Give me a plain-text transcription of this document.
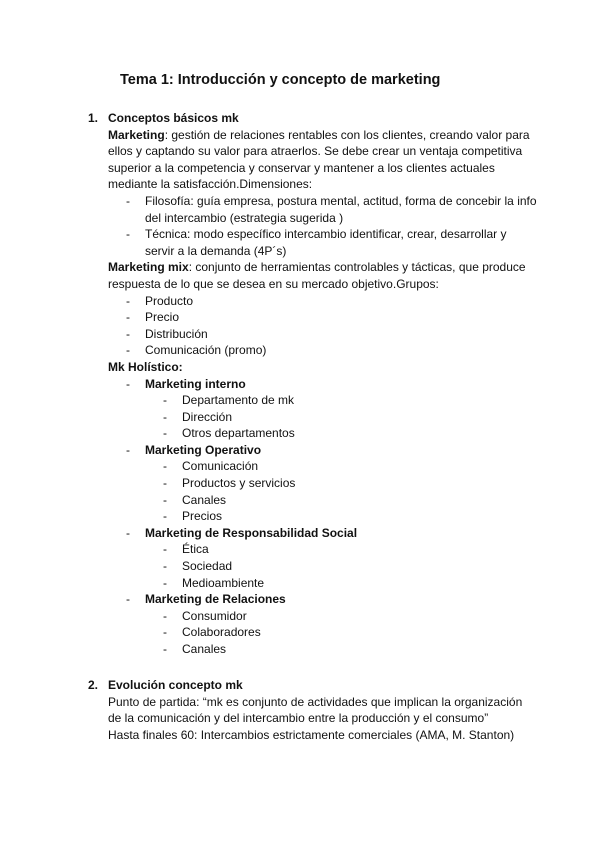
Tema 1: Introducción y concepto de marketing
1. Conceptos básicos mk

Marketing: gestión de relaciones rentables con los clientes, creando valor para ellos y captando su valor para atraerlos. Se debe crear un ventaja competitiva superior a la competencia y conservar y mantener a los clientes actuales mediante la satisfacción.Dimensiones:

- Filosofía: guía empresa, postura mental, actitud, forma de concebir la info del intercambio (estrategia sugerida )
- Técnica: modo específico intercambio identificar, crear, desarrollar y servir a la demanda (4P´s)

Marketing mix: conjunto de herramientas controlables y tácticas, que produce respuesta de lo que se desea en su mercado objetivo.Grupos:

- Producto
- Precio
- Distribución
- Comunicación (promo)

Mk Holístico:

- Marketing interno
- Departamento de mk
- Dirección
- Otros departamentos
- Marketing Operativo
- Comunicación
- Productos y servicios
- Canales
- Precios
- Marketing de Responsabilidad Social
- Ética
- Sociedad
- Medioambiente
- Marketing de Relaciones
- Consumidor
- Colaboradores
- Canales
2. Evolución concepto mk

Punto de partida: “mk es conjunto de actividades que implican la organización de la comunicación y del intercambio entre la producción y el consumo”

Hasta finales 60: Intercambios estrictamente comerciales (AMA, M. Stanton)
